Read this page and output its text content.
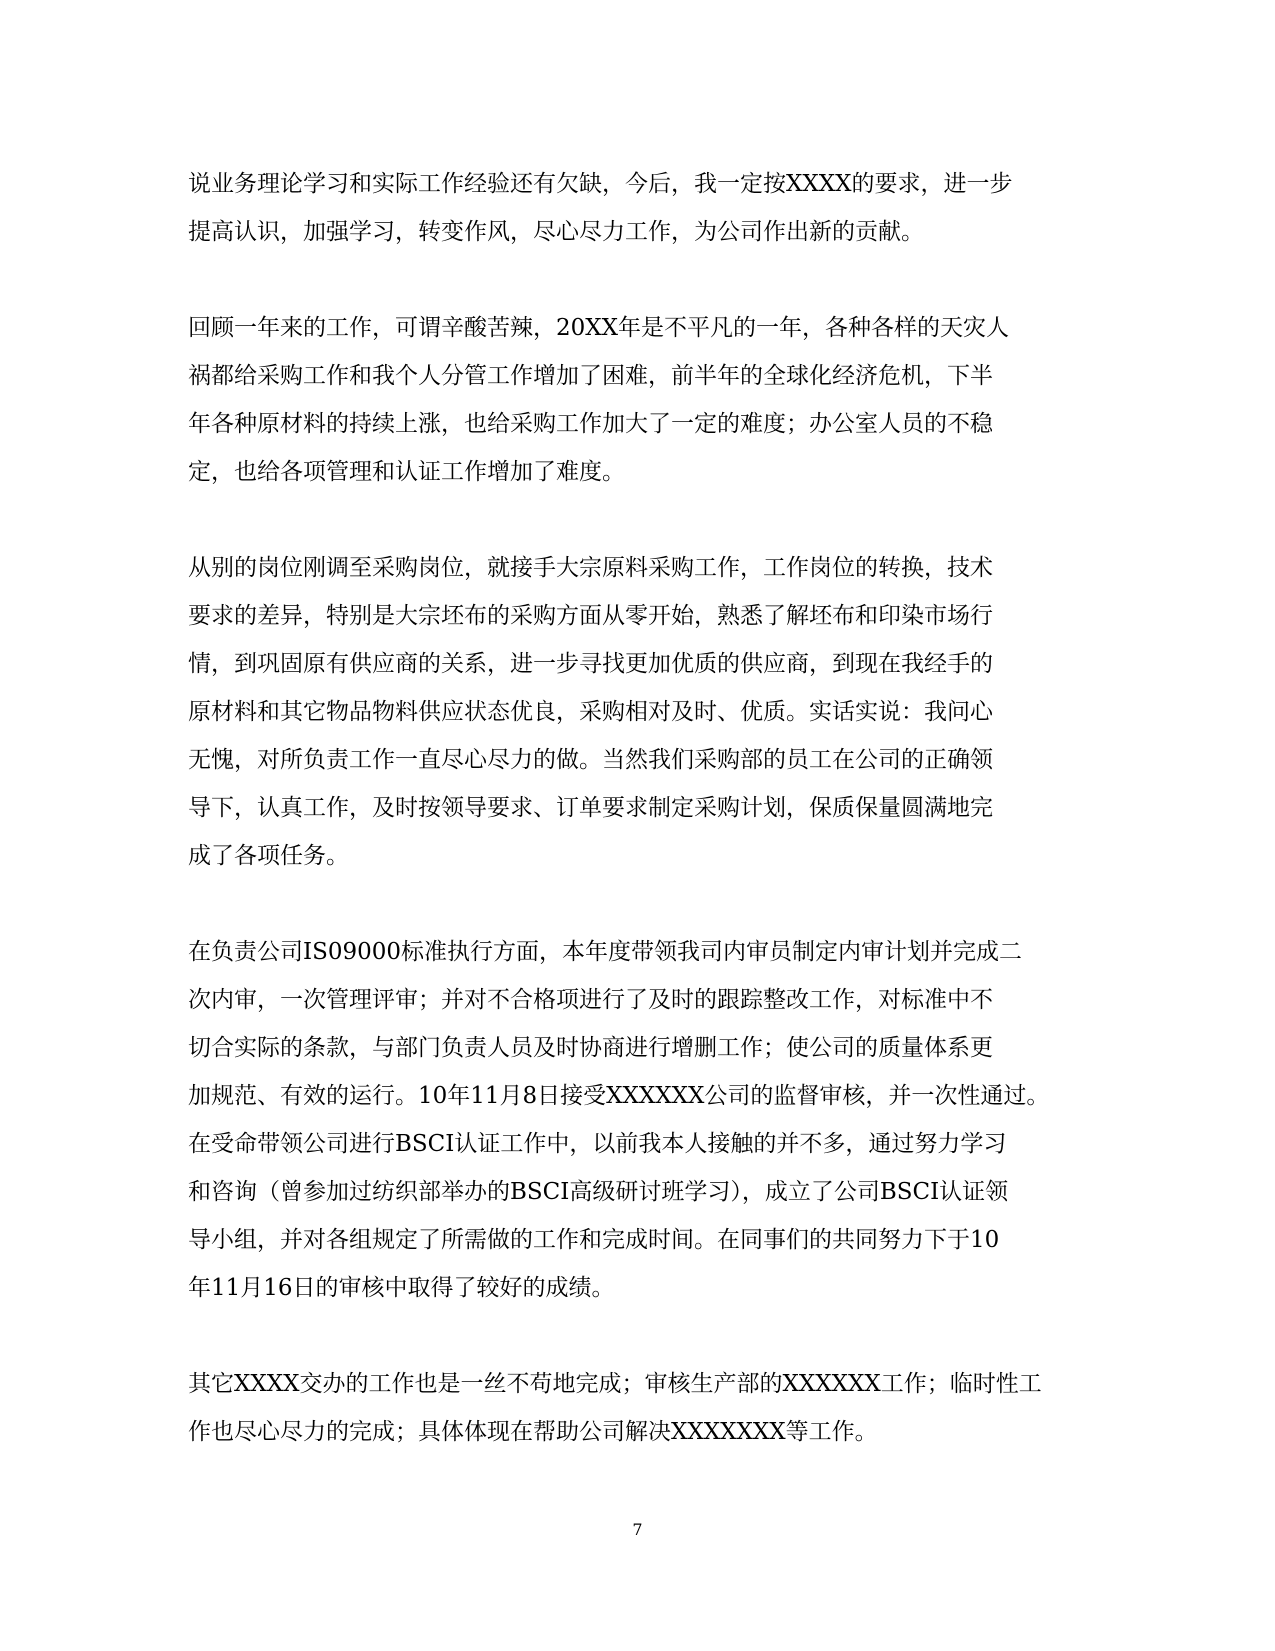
说业务理论学习和实际工作经验还有欠缺，今后，我一定按XXXX的要求，进一步
提高认识，加强学习，转变作风，尽心尽力工作，为公司作出新的贡献。

回顾一年来的工作，可谓辛酸苦辣，20XX年是不平凡的一年，各种各样的天灾人
祸都给采购工作和我个人分管工作增加了困难，前半年的全球化经济危机，下半
年各种原材料的持续上涨，也给采购工作加大了一定的难度；办公室人员的不稳
定，也给各项管理和认证工作增加了难度。

从别的岗位刚调至采购岗位，就接手大宗原料采购工作，工作岗位的转换，技术
要求的差异，特别是大宗坯布的采购方面从零开始，熟悉了解坯布和印染市场行
情，到巩固原有供应商的关系，进一步寻找更加优质的供应商，到现在我经手的
原材料和其它物品物料供应状态优良，采购相对及时、优质。实话实说：我问心
无愧，对所负责工作一直尽心尽力的做。当然我们采购部的员工在公司的正确领
导下，认真工作，及时按领导要求、订单要求制定采购计划，保质保量圆满地完
成了各项任务。

在负责公司IS09000标准执行方面，本年度带领我司内审员制定内审计划并完成二
次内审，一次管理评审；并对不合格项进行了及时的跟踪整改工作，对标准中不
切合实际的条款，与部门负责人员及时协商进行增删工作；使公司的质量体系更
加规范、有效的运行。10年11月8日接受XXXXXX公司的监督审核，并一次性通过。
在受命带领公司进行BSCI认证工作中，以前我本人接触的并不多，通过努力学习
和咨询（曾参加过纺织部举办的BSCI高级研讨班学习），成立了公司BSCI认证领
导小组，并对各组规定了所需做的工作和完成时间。在同事们的共同努力下于10
年11月16日的审核中取得了较好的成绩。

其它XXXX交办的工作也是一丝不苟地完成；审核生产部的XXXXXX工作；临时性工
作也尽心尽力的完成；具体体现在帮助公司解决XXXXXXX等工作。

7
